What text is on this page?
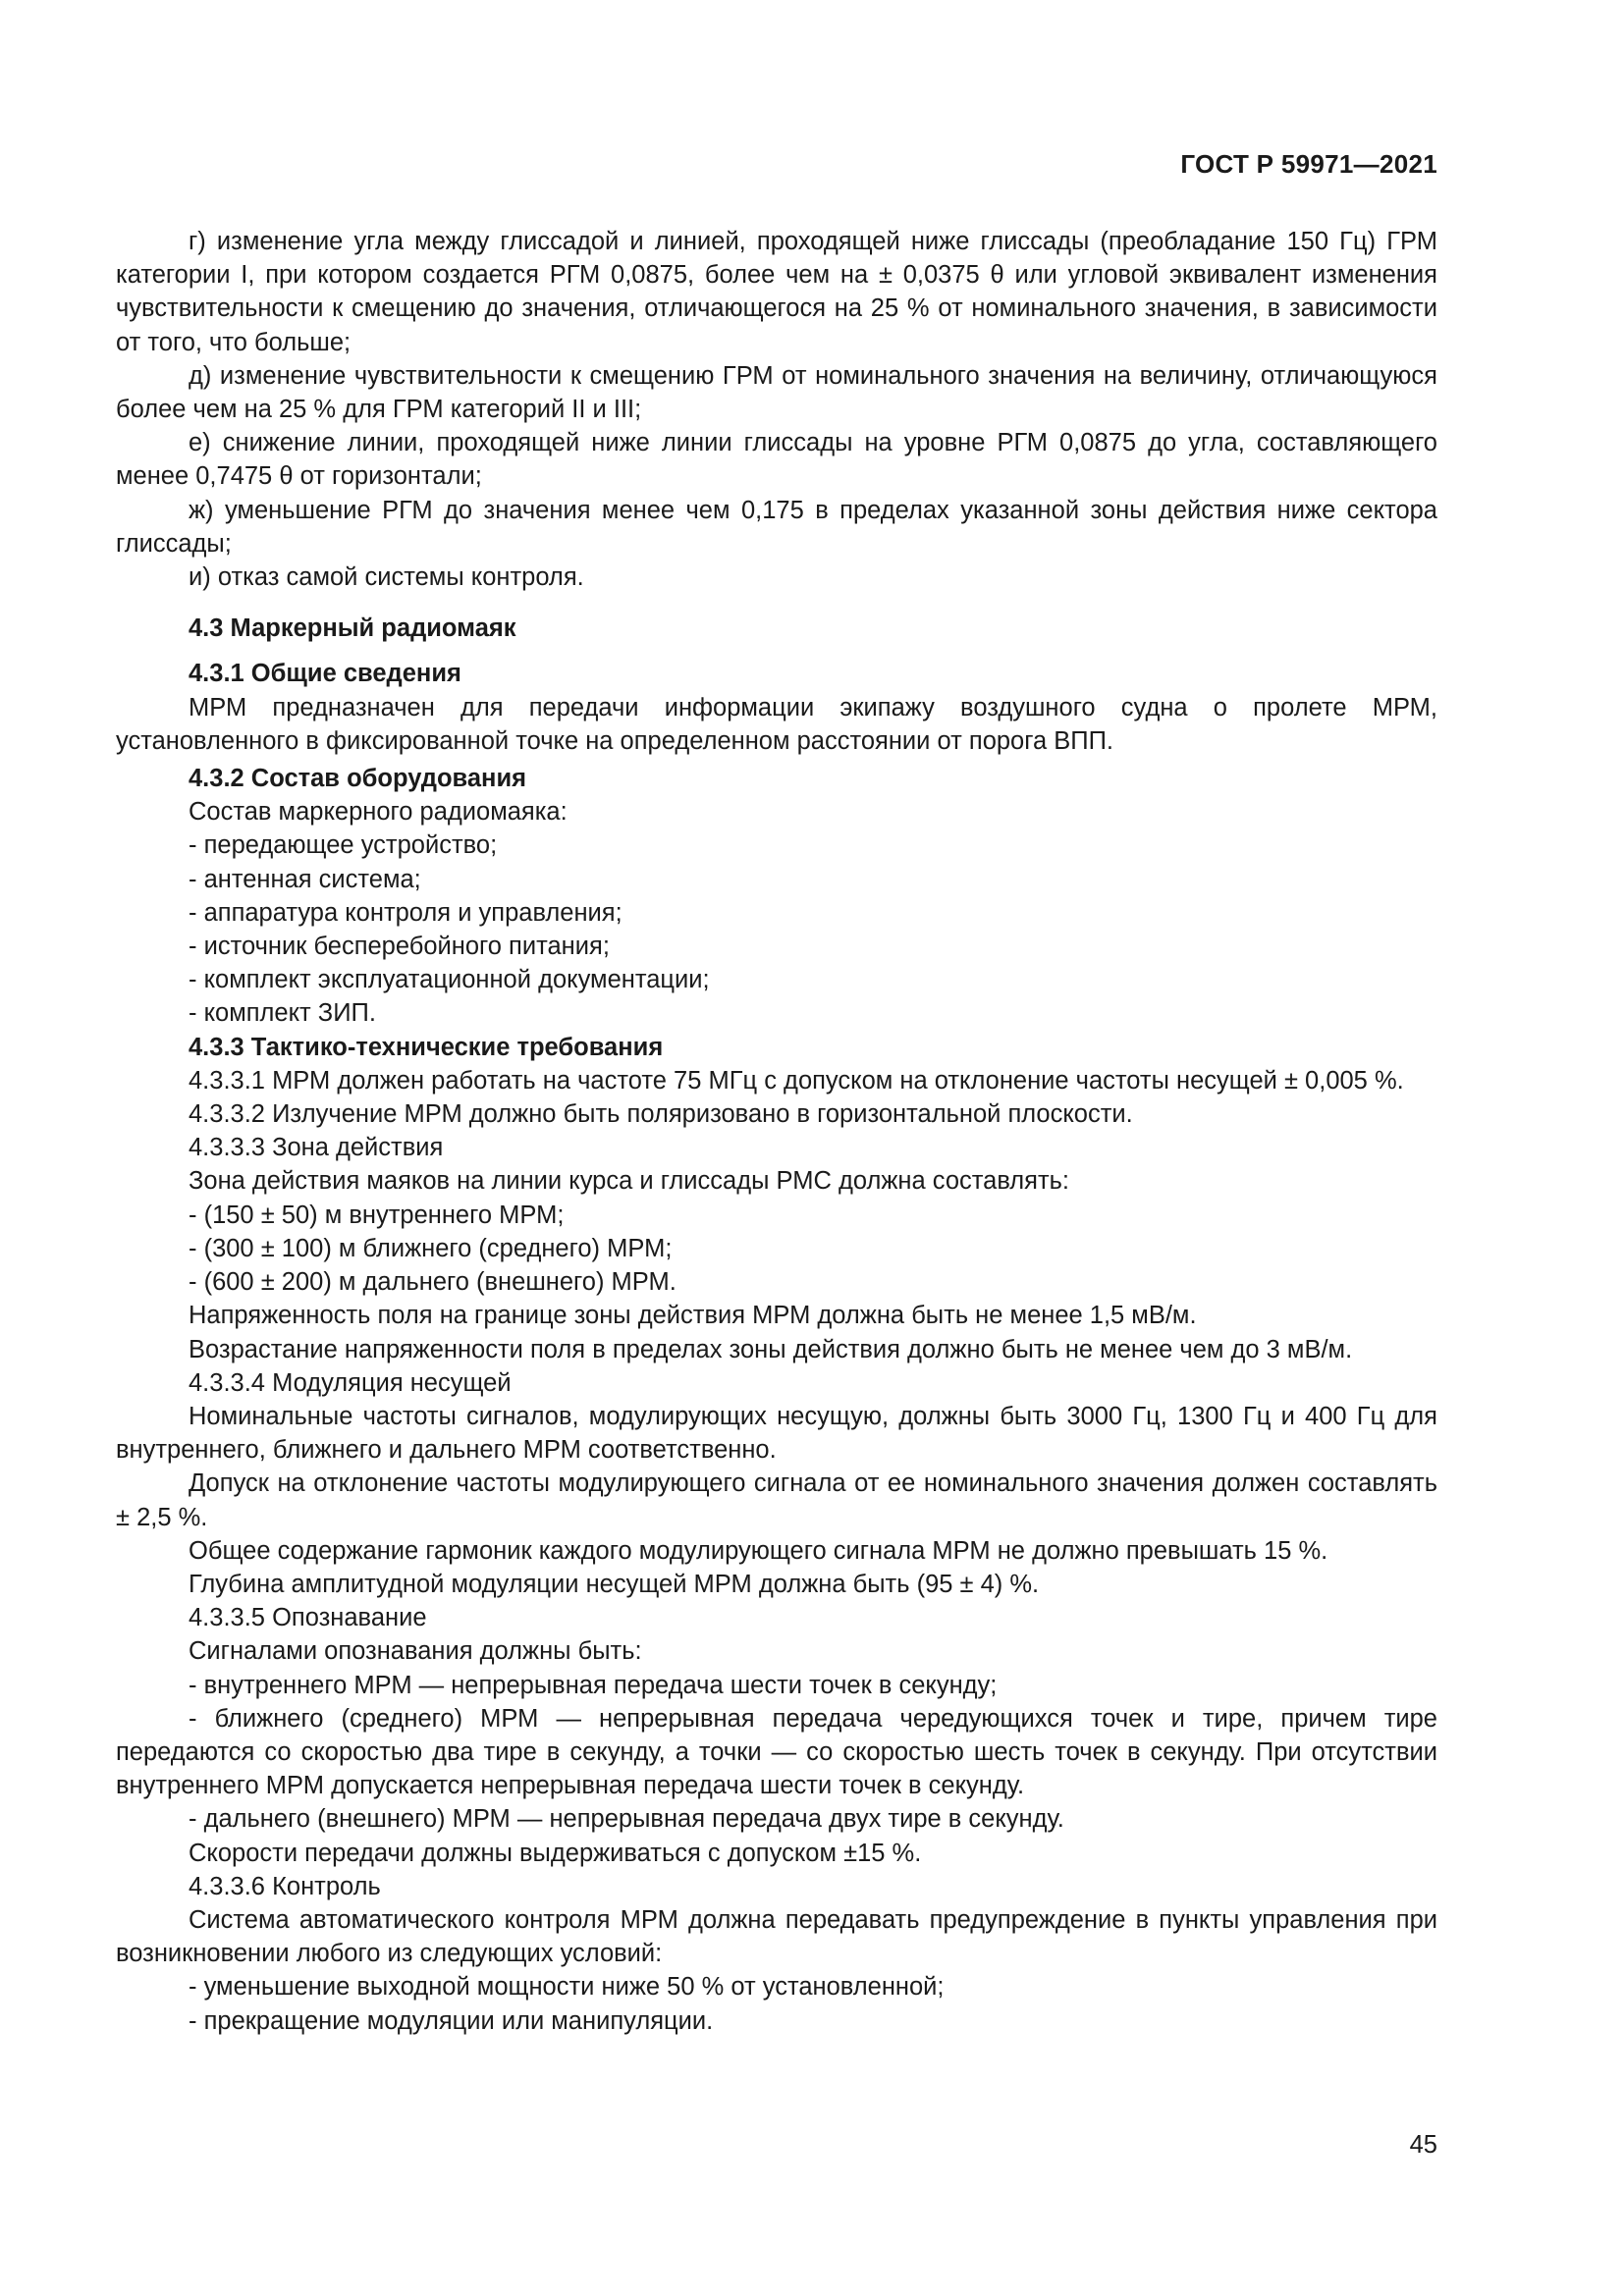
ГОСТ Р 59971—2021

г) изменение угла между глиссадой и линией, проходящей ниже глиссады (преобладание 150 Гц) ГРМ категории I, при котором создается РГМ 0,0875, более чем на ± 0,0375 θ или угловой эквивалент изменения чувствительности к смещению до значения, отличающегося на 25 % от номинального значения, в зависимости от того, что больше;

д) изменение чувствительности к смещению ГРМ от номинального значения на величину, отличающуюся более чем на 25 % для ГРМ категорий II и III;

е) снижение линии, проходящей ниже линии глиссады на уровне РГМ 0,0875 до угла, составляющего менее 0,7475 θ от горизонтали;

ж) уменьшение РГМ до значения менее чем 0,175 в пределах указанной зоны действия ниже сектора глиссады;

и) отказ самой системы контроля.

4.3 Маркерный радиомаяк

4.3.1 Общие сведения

МРМ предназначен для передачи информации экипажу воздушного судна о пролете МРМ, установленного в фиксированной точке на определенном расстоянии от порога ВПП.

4.3.2 Состав оборудования

Состав маркерного радиомаяка:

- передающее устройство;

- антенная система;

- аппаратура контроля и управления;

- источник бесперебойного питания;

- комплект эксплуатационной документации;

- комплект ЗИП.

4.3.3 Тактико-технические требования

4.3.3.1 МРМ должен работать на частоте 75 МГц с допуском на отклонение частоты несущей ± 0,005 %.

4.3.3.2 Излучение МРМ должно быть поляризовано в горизонтальной плоскости.

4.3.3.3 Зона действия

Зона действия маяков на линии курса и глиссады РМС должна составлять:

- (150 ± 50) м внутреннего МРМ;

- (300 ± 100) м ближнего (среднего) МРМ;

- (600 ± 200) м дальнего (внешнего) МРМ.

Напряженность поля на границе зоны действия МРМ должна быть не менее 1,5 мВ/м.

Возрастание напряженности поля в пределах зоны действия должно быть не менее чем до 3 мВ/м.

4.3.3.4 Модуляция несущей

Номинальные частоты сигналов, модулирующих несущую, должны быть 3000 Гц, 1300 Гц и 400 Гц для внутреннего, ближнего и дальнего МРМ соответственно.

Допуск на отклонение частоты модулирующего сигнала от ее номинального значения должен составлять ± 2,5 %.

Общее содержание гармоник каждого модулирующего сигнала МРМ не должно превышать 15 %.

Глубина амплитудной модуляции несущей МРМ должна быть (95 ± 4) %.

4.3.3.5 Опознавание

Сигналами опознавания должны быть:

- внутреннего МРМ — непрерывная передача шести точек в секунду;

- ближнего (среднего) МРМ — непрерывная передача чередующихся точек и тире, причем тире передаются со скоростью два тире в секунду, а точки — со скоростью шесть точек в секунду. При отсутствии внутреннего МРМ допускается непрерывная передача шести точек в секунду.

- дальнего (внешнего) МРМ — непрерывная передача двух тире в секунду.

Скорости передачи должны выдерживаться с допуском ±15 %.

4.3.3.6 Контроль

Система автоматического контроля МРМ должна передавать предупреждение в пункты управления при возникновении любого из следующих условий:

- уменьшение выходной мощности ниже 50 % от установленной;

- прекращение модуляции или манипуляции.

45
